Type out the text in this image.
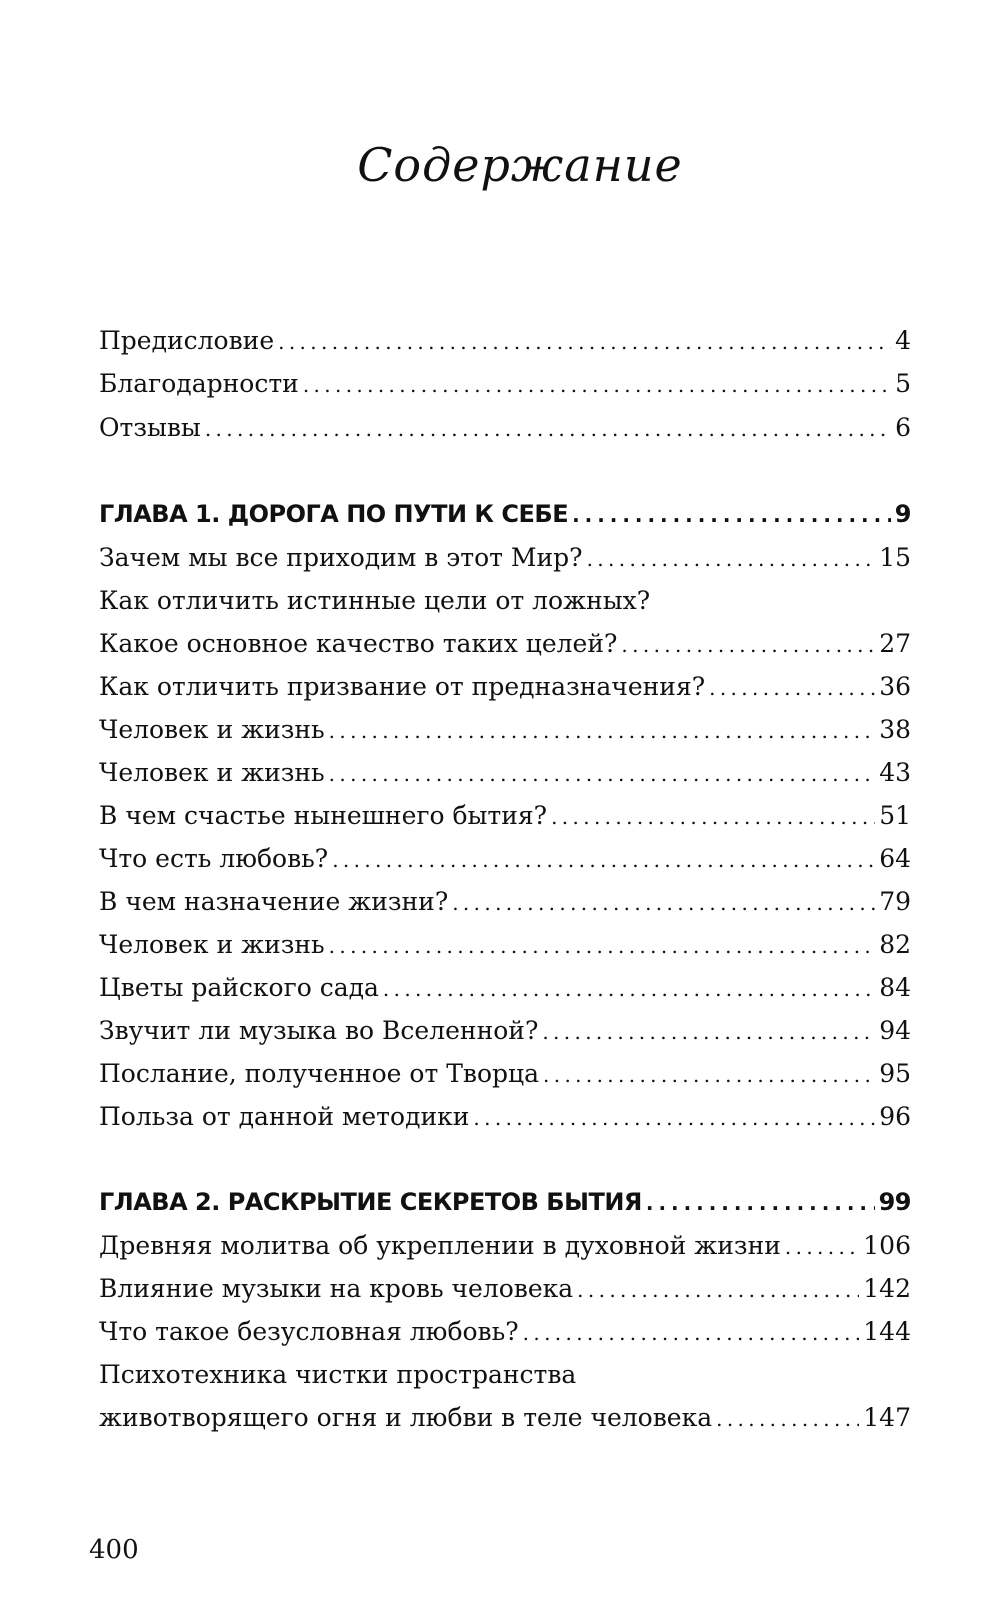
Содержание
Предисловие . . .	4
Благодарности . . .	5
Отзывы . . .	6
ГЛАВА 1. ДОРОГА ПО ПУТИ К СЕБЕ . . .	9
Зачем мы все приходим в этот Мир? . . .	15
Как отличить истинные цели от ложных?
Какое основное качество таких целей? . . .	27
Как отличить призвание от предназначения? . . .	36
Человек и жизнь . . .	38
Человек и жизнь . . .	43
В чем счастье нынешнего бытия? . . .	51
Что есть любовь? . . .	64
В чем назначение жизни? . . .	79
Человек и жизнь . . .	82
Цветы райского сада . . .	84
Звучит ли музыка во Вселенной? . . .	94
Послание, полученное от Творца . . .	95
Польза от данной методики . . .	96
ГЛАВА 2. РАСКРЫТИЕ СЕКРЕТОВ БЫТИЯ . . .	99
Древняя молитва об укреплении в духовной жизни . . .	106
Влияние музыки на кровь человека . . .	142
Что такое безусловная любовь? . . .	144
Психотехника чистки пространства
животворящего огня и любви в теле человека . . .	147
400
